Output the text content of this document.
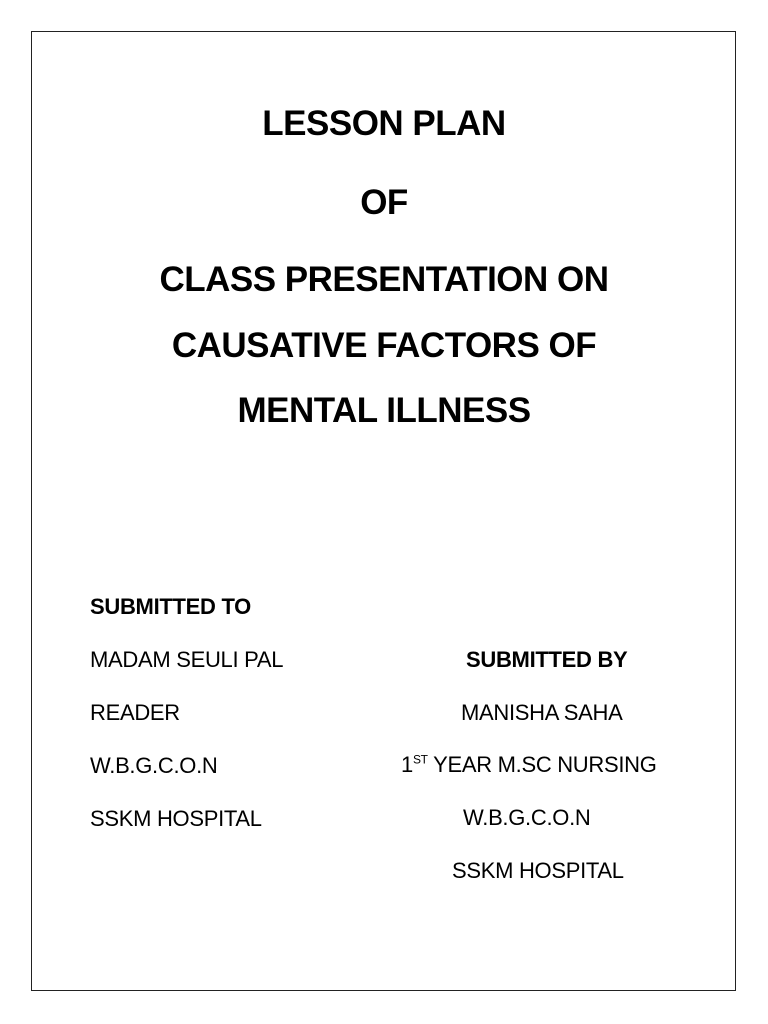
LESSON PLAN
OF
CLASS PRESENTATION ON
CAUSATIVE FACTORS OF
MENTAL ILLNESS
SUBMITTED TO
MADAM SEULI PAL
READER
W.B.G.C.O.N
SSKM HOSPITAL
SUBMITTED BY
MANISHA SAHA
1ST YEAR M.SC NURSING
W.B.G.C.O.N
SSKM HOSPITAL
